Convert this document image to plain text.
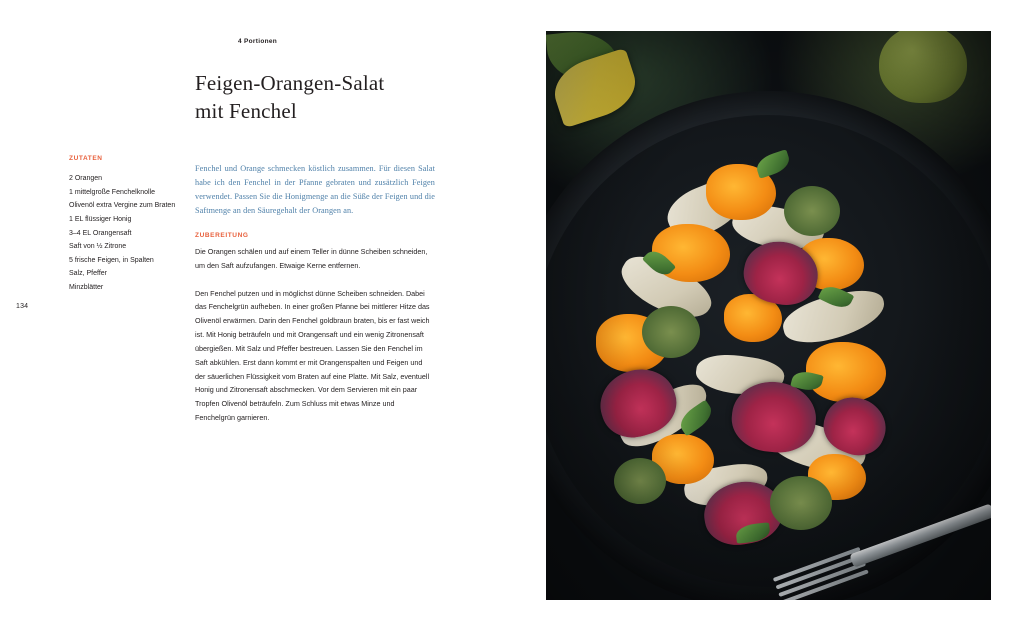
134
4 Portionen
Feigen-Orangen-Salat
mit Fenchel
ZUTATEN
2 Orangen
1 mittelgroße Fenchelknolle
Olivenöl extra Vergine zum Braten
1 EL flüssiger Honig
3–4 EL Orangensaft
Saft von ½ Zitrone
5 frische Feigen, in Spalten
Salz, Pfeffer
Minzblätter
Fenchel und Orange schmecken köstlich zusammen. Für diesen Salat habe ich den Fenchel in der Pfanne gebraten und zusätzlich Feigen verwendet. Passen Sie die Honigmenge an die Süße der Feigen und die Saftmenge an den Säuregehalt der Orangen an.
ZUBEREITUNG

Die Orangen schälen und auf einem Teller in dünne Scheiben schneiden, um den Saft aufzufangen. Etwaige Kerne entfernen.

Den Fenchel putzen und in möglichst dünne Scheiben schneiden. Dabei das Fenchelgrün aufheben. In einer großen Pfanne bei mittlerer Hitze das Olivenöl erwärmen. Darin den Fenchel goldbraun braten, bis er fast weich ist. Mit Honig beträufeln und mit Orangensaft und ein wenig Zitronensaft übergießen. Mit Salz und Pfeffer bestreuen. Lassen Sie den Fenchel im Saft abkühlen. Erst dann kommt er mit Orangenspalten und Feigen und der säuerlichen Flüssigkeit vom Braten auf eine Platte. Mit Salz, eventuell Honig und Zitronensaft abschmecken. Vor dem Servieren mit ein paar Tropfen Olivenöl beträufeln. Zum Schluss mit etwas Minze und Fenchelgrün garnieren.
